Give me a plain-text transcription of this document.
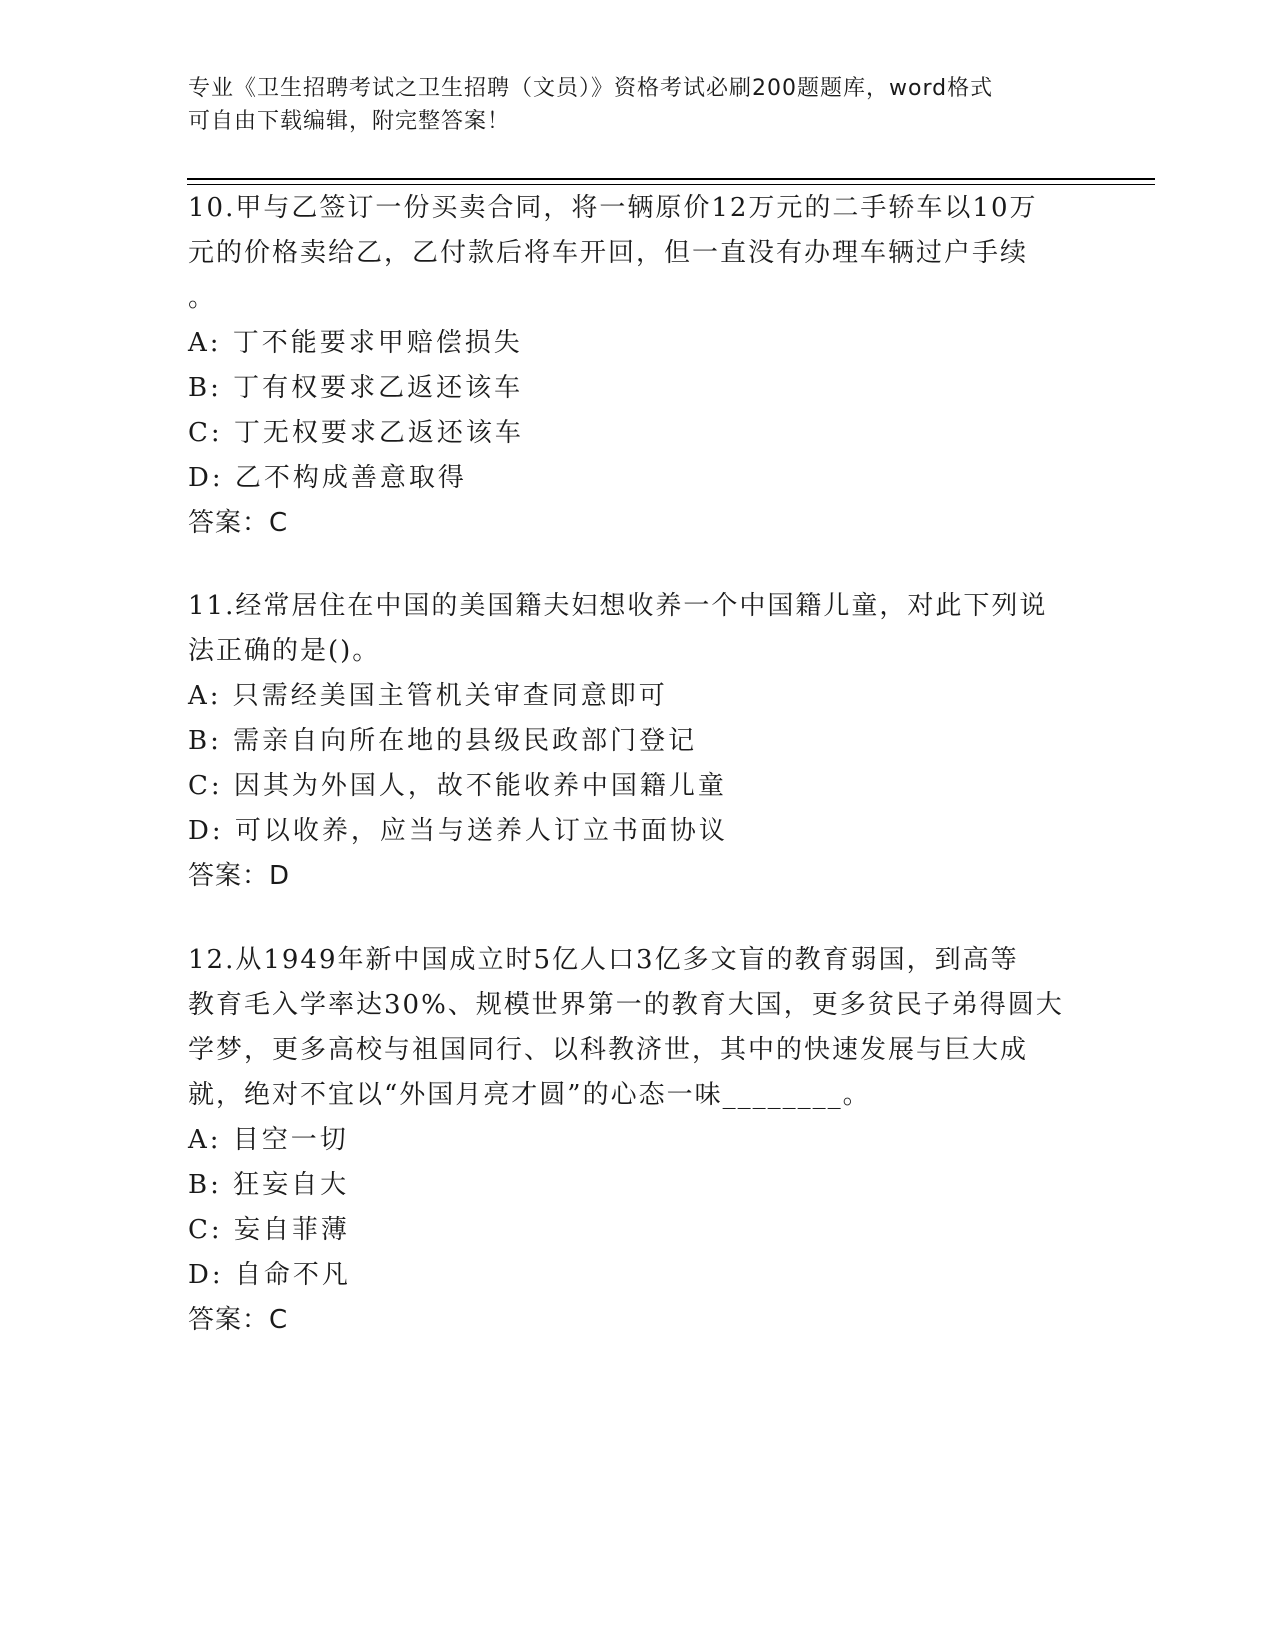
专业《卫生招聘考试之卫生招聘（文员）》资格考试必刷200题题库，word格式
可自由下载编辑，附完整答案！

10.甲与乙签订一份买卖合同，将一辆原价12万元的二手轿车以10万
元的价格卖给乙，乙付款后将车开回，但一直没有办理车辆过户手续
。

A: 丁不能要求甲赔偿损失

B: 丁有权要求乙返还该车

C: 丁无权要求乙返还该车

D: 乙不构成善意取得

答案：C

11.经常居住在中国的美国籍夫妇想收养一个中国籍儿童，对此下列说
法正确的是()。

A: 只需经美国主管机关审查同意即可

B: 需亲自向所在地的县级民政部门登记

C: 因其为外国人，故不能收养中国籍儿童

D: 可以收养，应当与送养人订立书面协议

答案：D

12.从1949年新中国成立时5亿人口3亿多文盲的教育弱国，到高等
教育毛入学率达30%、规模世界第一的教育大国，更多贫民子弟得圆大
学梦，更多高校与祖国同行、以科教济世，其中的快速发展与巨大成
就，绝对不宜以“外国月亮才圆”的心态一味________。

A: 目空一切

B: 狂妄自大

C: 妄自菲薄

D: 自命不凡

答案：C
